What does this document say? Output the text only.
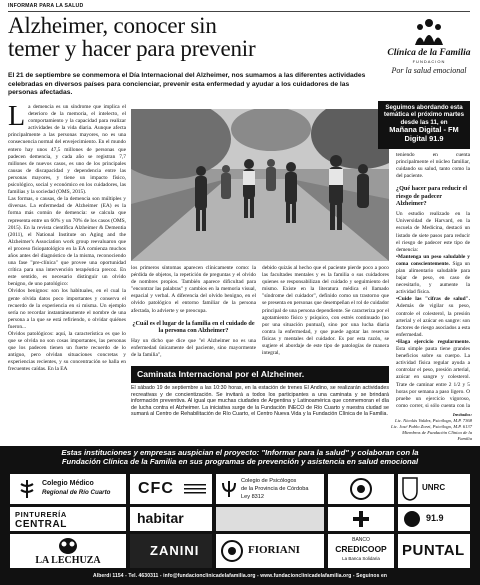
INFORMAR PARA LA SALUD
Alzheimer, conocer sin
temer y hacer para prevenir	Clínica de la Familia
FUNDACION
Por la salud emocional
El 21 de septiembre se conmemora el Día Internacional del Alzheimer, nos sumamos a las diferentes actividades celebradas en diversos países para concienciar, prevenir esta enfermedad y ayudar a los cuidadores de las personas afectadas.
L a demencia es un síndrome que implica el deterioro de la memoria, el intelecto, el comportamiento y la capacidad para realizar actividades de la vida diaria. Aunque afecta principalmente a las personas mayores, no es una consecuencia normal del envejecimiento. En el mundo entero hay unos 47,5 millones de personas que padecen demencia, y cada año se registran 7,7 millones de nuevos casos, es uno de los principales causas de discapacidad y dependencia entre las personas mayores, y tiene un impacto físico, psicológico, social y económico en los cuidadores, las familias y la sociedad (OMS, 2015).

Las formas, o causas, de la demencia son múltiples y diversas. La enfermedad de Alzheimer (EA) es la forma más común de demencia: se calcula que representa entre un 60% y un 70% de los casos (OMS, 2015). En la revista científica Alzheimer & Dementia (2011), el National Institute on Aging and the Alzheimer's Association work group reevaluaron que el proceso fisiopatológico en la EA comienza muchos años antes del diagnóstico de la misma, reconociendo una fase "pre-clínica" que provee una oportunidad crítica para una intervención terapéutica precoz. En este sentido, es necesario distinguir un olvido benigno, de uno patológico:

Olvidos benignos: son los habituales, en el cual la gente olvida datos poco importantes y conserva el recuerdo de la experiencia en si misma. Un ejemplo sería no recordar instantáneamente el nombre de una persona a la que se está refiriendo, o olvidar quiénes fueron...

Olvidos patológicos: aquí, la característica es que lo que se olvida no son cosas importantes, las personas que los padecen tienen un fuerte recuerdo de lo antiguo, pero olvidan situaciones concretas y experiencias recientes, y su concentración se halla en frecuentes caídas. En la EA

los primeros síntomas aparecen clínicamente como: la pérdida de objetos, la repetición de preguntas y el olvido de nombres propios. También aparece dificultad para "encontrar las palabras" y cambios en la memoria visual, espacial y verbal. A diferencia del olvido benigno, en el olvido patológico el entorno familiar de la persona afectada, lo advierte y se preocupa.

¿Cuál es el lugar de la familia en el cuidado de la persona con Alzheimer?

Hay un dicho que dice que "el Alzheimer no es una enfermedad únicamente del paciente, sino mayormente de la familia",

debido quizás al hecho que el paciente pierde poco a poco las facultades mentales y es la familia o sus cuidadores quienes se responsabilizan del cuidado y seguimiento del mismo. Existe en la literatura médica el llamado "síndrome del cuidador", definido como un trastorno que se presenta en personas que desempeñan el rol de cuidador principal de una persona dependiente. Se caracteriza por el agotamiento físico y psíquico, con estrés continuado (no por una situación puntual), sino por una lucha diaria contra la enfermedad, y que puede agotar las reservas físicas y mentales del cuidador. Es por esta razón, se sugiere el abordaje de este tipo de patologías de manera integral,

Seguimos abordando esta
temática el próximo martes
desde las 11, en
Mañana Digital - FM Digital 91.9

teniendo en cuenta principalmente el núcleo familiar, cuidando su salud, tanto como la del paciente.

¿Qué hacer para reducir el riesgo de padecer Alzheimer?

Un estudio realizado en la Universidad de Harvard, en la escuela de Medicina, destacó un listado de siete pasos para reducir el riesgo de padecer este tipo de demencia:

•Mantenga un peso saludable y coma conscientemente. Siga un plan alimentario saludable para bajar de peso, en caso de necesitarlo, y aumente la actividad física.

•Cuide las "cifras de salud". Además de vigilar su peso, controle el colesterol, la presión arterial y el azúcar en sangre: son factores de riesgo asociados a esta enfermedad.

•Haga ejercicio regularmente. Esta simple pauta tiene grandes beneficios sobre su cuerpo. La actividad física regular ayuda a controlar el peso, presión arterial, azúcar en sangre y colesterol. Trate de caminar entre 2 1/2 y 5 horas por semana a paso ligero. O pruebe un ejercicio vigoroso, como correr, si sólo cuenta con la

Caminata Internacional por el Alzheimer.
El sábado 19 de septiembre a las 10:30 horas, en la estación de trenes El Andino, se realizarán actividades recreativas y de concientización. Se invitará a todos los participantes a una caminata y se brindará información preventiva. Al igual que muchas ciudades de Argentina y Latinoamérica que conmemoran el día de lucha contra el Alzheimer. La iniciativa surge de la Fundación INECO de Río Cuarto y nuestra ciudad se sumará al Centro de Rehabilitación de Río Cuarto, el Centro Nueva Vida y la Fundación Clínica de la Familia.	Invitados:
Lic. Nicolás Valdez, Psicólogo, M.P. 7368
Lic. José Pablo Zorzi, Psicólogo, M.P. 6137
Miembros de Fundación Clínica de la Familia
Estas instituciones y empresas auspician el proyecto: "Informar para la salud" y colaboran con la
Fundación Clínica de la Familia en sus programas de prevención y asistencia en salud emocional
Colegio Médico
Regional de Río Cuarto CFC	Colegio de Psicólogos
de la Provincia de Córdoba
Ley 8312
UNRC
PINTURERÍA
CENTRAL	habitar	91.9
LA LECHUZA
ZANINI	FIORIANI
BANCO
CREDICOOP
La Banca Solidaria	PUNTAL
Alberdi 1154 - Tel. 4630311 - info@fundacionclinicadelafamilia.org - www.fundacionclinicadelafamilia.org - Seguinos en
